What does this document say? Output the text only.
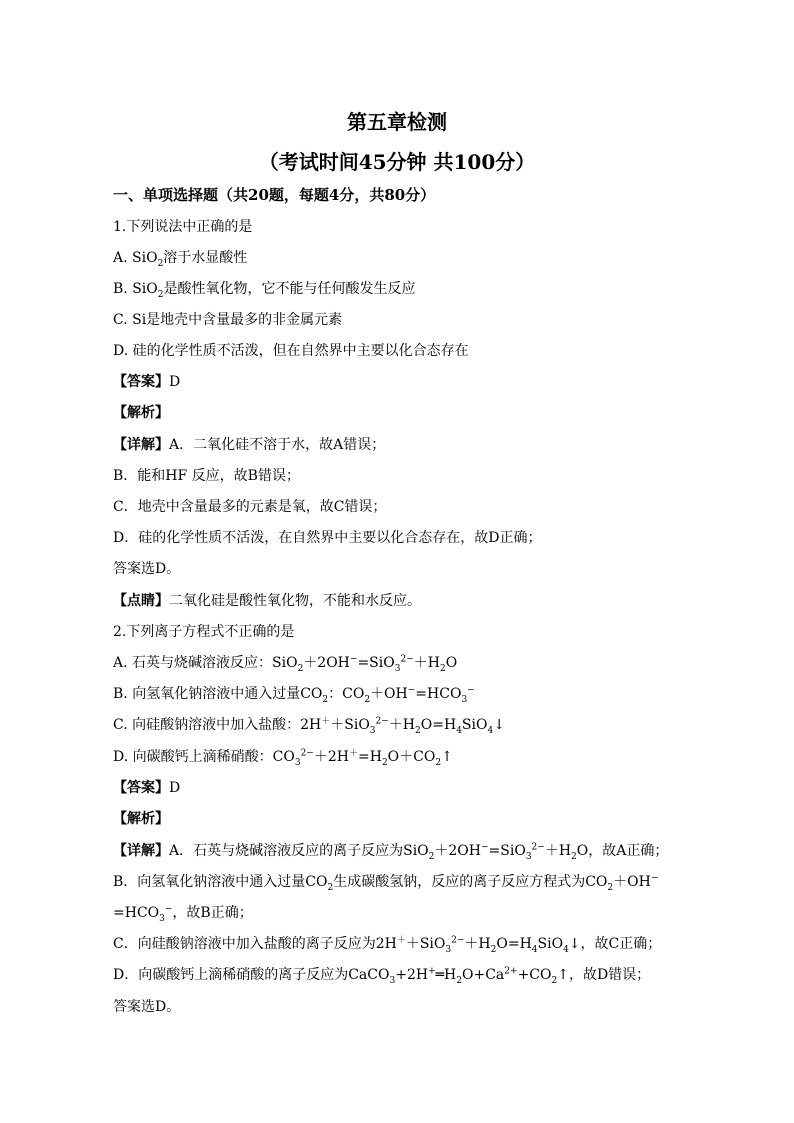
第五章检测
（考试时间45分钟 共100分）
一、单项选择题（共20题，每题4分，共80分）
1.下列说法中正确的是
A. SiO$_2$溶于水显酸性
B. SiO$_2$是酸性氧化物，它不能与任何酸发生反应
C. Si是地壳中含量最多的非金属元素
D. 硅的化学性质不活泼，但在自然界中主要以化合态存在
【答案】D
【解析】
【详解】A．二氧化硅不溶于水，故A错误；
B．能和HF 反应，故B错误；
C．地壳中含量最多的元素是氧，故C错误；
D．硅的化学性质不活泼，在自然界中主要以化合态存在，故D正确；
答案选D。
【点睛】二氧化硅是酸性氧化物，不能和水反应。
2.下列离子方程式不正确的是
A. 石英与烧碱溶液反应：$SiO_2+2OH^-=SiO_3^{2-}+H_2O$
B. 向氢氧化钠溶液中通入过量$CO_2$：$CO_2+OH^-=HCO_3^-$
C. 向硅酸钠溶液中加入盐酸：$2H^++SiO_3^{2-}+H_2O=H_4SiO_4↓$
D. 向碳酸钙上滴稀硝酸：$CO_3^{2-}+2H^+=H_2O+CO_2↑$
【答案】D
【解析】
【详解】A．石英与烧碱溶液反应的离子反应为$SiO_2+2OH^-=SiO_3^{2-}+H_2O$，故A正确；
B．向氢氧化钠溶液中通入过量$CO_2$生成碳酸氢钠，反应的离子反应方程式为$CO_2+OH^-$
$=HCO_3^-$，故B正确；
C．向硅酸钠溶液中加入盐酸的离子反应为$2H^++SiO_3^{2-}+H_2O=H_4SiO_4↓$，故C正确；
D．向碳酸钙上滴稀硝酸的离子反应为$CaCO_3+2H^+═H_2O+Ca^{2+}+CO_2↑$，故D错误；
答案选D。
